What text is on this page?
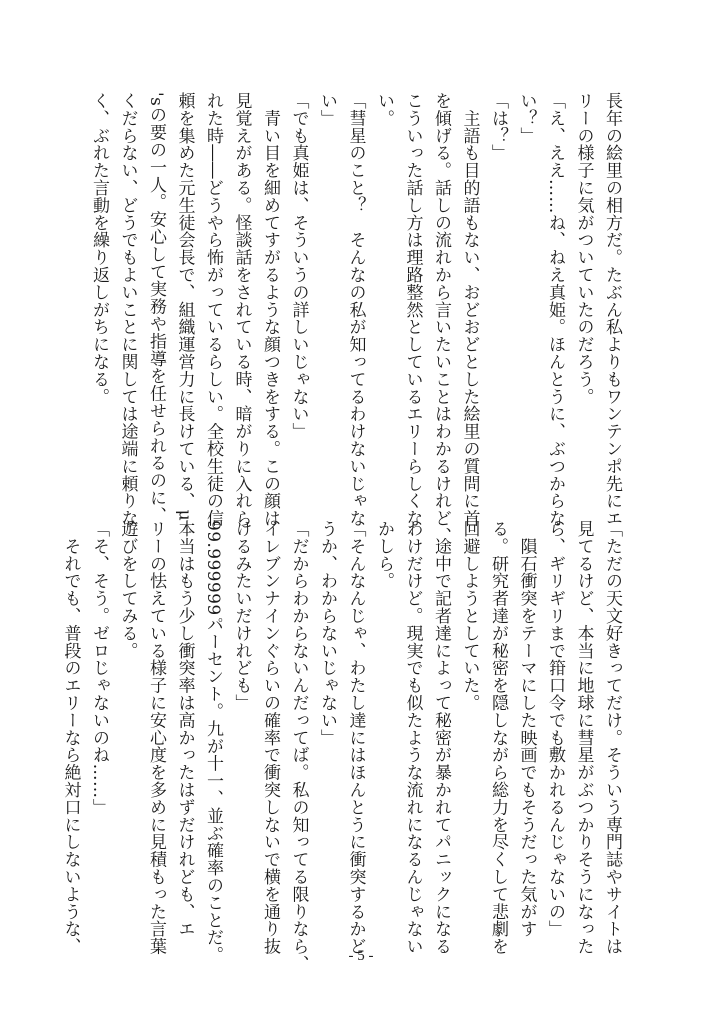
長年の絵里の相方だ。たぶん私よりもワンテンポ先にエ
リーの様子に気がついていたのだろう。
「え、ええ……ね、ねえ真姫。ほんとうに、ぶつからな
い？」
「は？」
　主語も目的語もない、おどおどとした絵里の質問に首
を傾げる。話しの流れから言いたいことはわかるけれど、
こういった話し方は理路整然としているエリーらしくな
い。
「彗星のこと？　そんなの私が知ってるわけないじゃな
い」
「でも真姫は、そういうの詳しいじゃない」
　青い目を細めてすがるような顔つきをする。この顔は
見覚えがある。怪談話をされている時、暗がりに入れら
れた時――どうやら怖がっているらしい。全校生徒の信
頼を集めた元生徒会長で、組織運営力に長けている、μ
'sの要の一人。安心して実務や指導を任せられるのに、
くだらない、どうでもよいことに関しては途端に頼りな
く、ぶれた言動を繰り返しがちになる。
「ただの天文好きってだけ。そういう専門誌やサイトは
見てるけど、本当に地球に彗星がぶつかりそうになった
ら、ギリギリまで箝口令でも敷かれるんじゃないの」
　隕石衝突をテーマにした映画でもそうだった気がす
る。研究者達が秘密を隠しながら総力を尽くして悲劇を
回避しようとしていた。
　途中で記者達によって秘密が暴かれてパニックになる
わけだけど。現実でも似たような流れになるんじゃない
かしら。
「そんなんじゃ、わたし達にはほんとうに衝突するかど
うか、わからないじゃない」
「だからわからないんだってば。私の知ってる限りなら、
イレブンナインぐらいの確率で衝突しないで横を通り抜
けるみたいだけれども」
99.999999パーセント。九が十一、並ぶ確率のことだ。
本当はもう少し衝突率は高かったはずだけれども、エ
リーの怯えている様子に安心度を多めに見積もった言葉
遊びをしてみる。
「そ、そう。ゼロじゃないのね……」
　それでも、普段のエリーなら絶対口にしないような、
- 5 -
